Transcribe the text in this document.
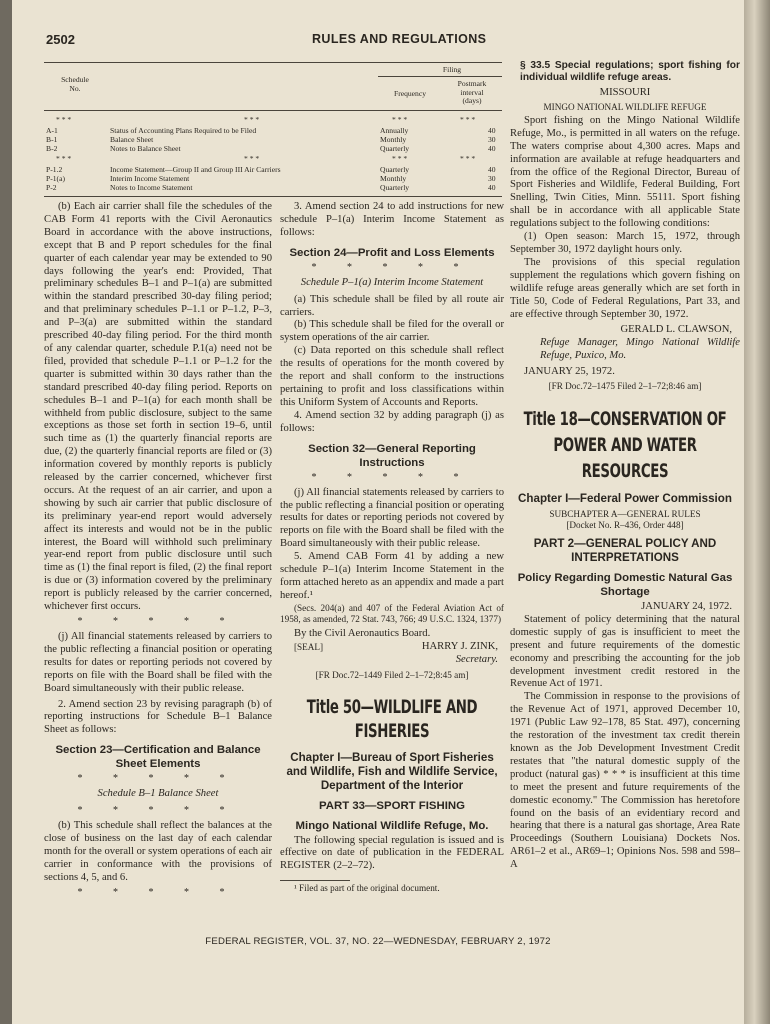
2502	RULES AND REGULATIONS
Schedule
No.
Filing
Frequency
Postmark
interval
(days)
* * *	* * *	* * *	* * *
A-1	Status of Accounting Plans Required to be Filed	Annually	40
B-1	Balance Sheet	Monthly	30
B-2	Notes to Balance Sheet	Quarterly	40
* * *	* * *	* * *	* * *
P-1.2	Income Statement—Group II and Group III Air Carriers	Quarterly	40
P-1(a)	Interim Income Statement	Monthly	30
P-2	Notes to Income Statement	Quarterly	40

(b) Each air carrier shall file the schedules of the CAB Form 41 reports with the Civil Aeronautics Board in accordance with the above instructions, except that B and P report schedules for the final quarter of each calendar year may be extended to 90 days following the year's end: Provided, That preliminary schedules B–1 and P–1(a) are submitted within the standard prescribed 30-day filing period; and that preliminary schedules P–1.1 or P–1.2, P–3, and P–3(a) are submitted within the standard prescribed 40-day filing period. For the third month of any calendar quarter, schedule P.1(a) need not be filed, provided that schedule P–1.1 or P–1.2 for the quarter is submitted within 30 days rather than the standard prescribed 40-day filing period. Reports on schedules B–1 and P–1(a) for each month shall be withheld from public disclosure, subject to the same exceptions as those set forth in section 19–6, until such time as (1) the quarterly financial reports are due, (2) the quarterly financial reports are filed or (3) information covered by monthly reports is publicly released by the carrier concerned, whichever first occurs. At the request of an air carrier, and upon a showing by such air carrier that public disclosure of its preliminary year-end report would adversely affect its interests and would not be in the public interest, the Board will withhold such preliminary year-end report from public disclosure until such time as (1) the final report is filed, (2) the final report is due or (3) information covered by the preliminary report is publicly released by the carrier concerned, whichever first occurs.

* * * * *

(j) All financial statements released by carriers to the public reflecting a financial position or operating results for dates or reporting periods not covered by reports on file with the Board shall be filed with the Board simultaneously with their public release.

2. Amend section 23 by revising paragraph (b) of reporting instructions for Schedule B–1 Balance Sheet as follows:

Section 23—Certification and Balance Sheet Elements
* * * * *
Schedule B–1 Balance Sheet
* * * * *

(b) This schedule shall reflect the balances at the close of business on the last day of each calendar month for the overall or system operations of each air carrier in conformance with the provisions of sections 4, 5, and 6.

* * * * *

3. Amend section 24 to add instructions for new schedule P–1(a) Interim Income Statement as follows:

Section 24—Profit and Loss Elements
* * * * *
Schedule P–1(a) Interim Income Statement

(a) This schedule shall be filed by all route air carriers.

(b) This schedule shall be filed for the overall or system operations of the air carrier.

(c) Data reported on this schedule shall reflect the results of operations for the month covered by the report and shall conform to the instructions pertaining to profit and loss classifications within this Uniform System of Accounts and Reports.

4. Amend section 32 by adding paragraph (j) as follows:

Section 32—General Reporting Instructions
* * * * *

(j) All financial statements released by carriers to the public reflecting a financial position or operating results for dates or reporting periods not covered by reports on file with the Board shall be filed with the Board simultaneously with their public release.

5. Amend CAB Form 41 by adding a new schedule P–1(a) Interim Income Statement in the form attached hereto as an appendix and made a part hereof.¹

(Secs. 204(a) and 407 of the Federal Aviation Act of 1958, as amended, 72 Stat. 743, 766; 49 U.S.C. 1324, 1377)

By the Civil Aeronautics Board.

[SEAL]	HARRY J. ZINK,
Secretary.
[FR Doc.72–1449 Filed 2–1–72;8:45 am]
Title 50—WILDLIFE AND FISHERIES
Chapter I—Bureau of Sport Fisheries and Wildlife, Fish and Wildlife Service, Department of the Interior
PART 33—SPORT FISHING
Mingo National Wildlife Refuge, Mo.

The following special regulation is issued and is effective on date of publication in the FEDERAL REGISTER (2–2–72).

¹ Filed as part of the original document.

§ 33.5 Special regulations; sport fishing for individual wildlife refuge areas.

MISSOURI
MINGO NATIONAL WILDLIFE REFUGE

Sport fishing on the Mingo National Wildlife Refuge, Mo., is permitted in all waters on the refuge. The waters comprise about 4,300 acres. Maps and information are available at refuge headquarters and from the office of the Regional Director, Bureau of Sport Fisheries and Wildlife, Federal Building, Fort Snelling, Twin Cities, Minn. 55111. Sport fishing shall be in accordance with all applicable State regulations subject to the following conditions:

(1) Open season: March 15, 1972, through September 30, 1972 daylight hours only.

The provisions of this special regulation supplement the regulations which govern fishing on wildlife refuge areas generally which are set forth in Title 50, Code of Federal Regulations, Part 33, and are effective through September 30, 1972.

GERALD L. CLAWSON,
Refuge Manager, Mingo National Wildlife Refuge, Puxico, Mo.
JANUARY 25, 1972.
[FR Doc.72–1475 Filed 2–1–72;8:46 am]
Title 18—CONSERVATION OF POWER AND WATER RESOURCES
Chapter I—Federal Power Commission
SUBCHAPTER A—GENERAL RULES
[Docket No. R–436, Order 448]
PART 2—GENERAL POLICY AND INTERPRETATIONS
Policy Regarding Domestic Natural Gas Shortage
JANUARY 24, 1972.

Statement of policy determining that the natural domestic supply of gas is insufficient to meet the present and future requirements of the domestic economy and prescribing the accounting for the job development investment credit restored in the Revenue Act of 1971.

The Commission in response to the provisions of the Revenue Act of 1971, approved December 10, 1971 (Public Law 92–178, 85 Stat. 497), concerning the restoration of the investment tax credit therein known as the Job Development Investment Credit restates that "the natural domestic supply of the product (natural gas) * * * is insufficient at this time to meet the present and future requirements of the domestic economy." The Commission has heretofore found on the basis of an evidentiary record and hearing that there is a natural gas shortage, Area Rate Proceedings (Southern Louisiana) Dockets Nos. AR61–2 et al., AR69–1; Opinions Nos. 598 and 598–A

FEDERAL REGISTER, VOL. 37, NO. 22—WEDNESDAY, FEBRUARY 2, 1972
